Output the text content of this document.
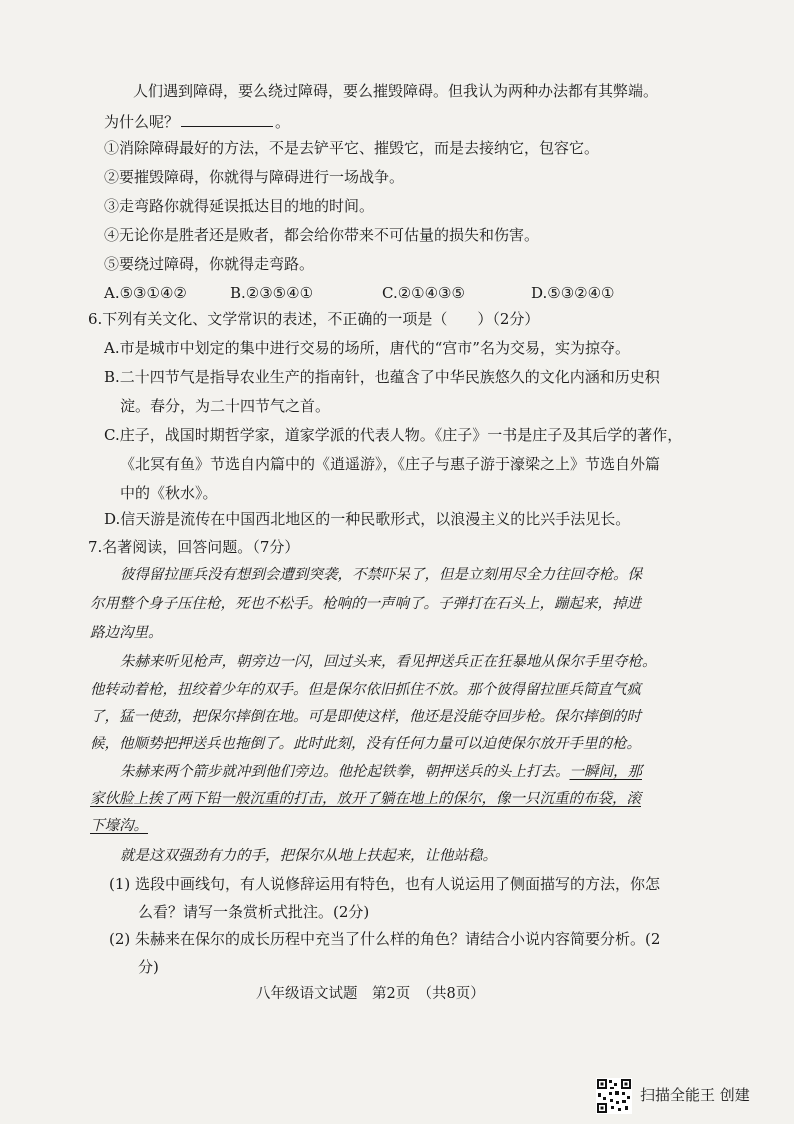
人们遇到障碍，要么绕过障碍，要么摧毁障碍。但我认为两种办法都有其弊端。
为什么呢？	。
①消除障碍最好的方法，不是去铲平它、摧毁它，而是去接纳它，包容它。
②要摧毁障碍，你就得与障碍进行一场战争。
③走弯路你就得延误抵达目的地的时间。
④无论你是胜者还是败者，都会给你带来不可估量的损失和伤害。
⑤要绕过障碍，你就得走弯路。
A.⑤③①④②	B.②③⑤④①	C.②①④③⑤	D.⑤③②④①
6.下列有关文化、文学常识的表述，不正确的一项是（　　）（2分）
A.市是城市中划定的集中进行交易的场所，唐代的“宫市”名为交易，实为掠夺。
B.二十四节气是指导农业生产的指南针，也蕴含了中华民族悠久的文化内涵和历史积
淀。春分，为二十四节气之首。
C.庄子，战国时期哲学家，道家学派的代表人物。《庄子》一书是庄子及其后学的著作，
《北冥有鱼》节选自内篇中的《逍遥游》，《庄子与惠子游于濠梁之上》节选自外篇
中的《秋水》。
D.信天游是流传在中国西北地区的一种民歌形式，以浪漫主义的比兴手法见长。
7.名著阅读，回答问题。（7分）
彼得留拉匪兵没有想到会遭到突袭，不禁吓呆了，但是立刻用尽全力往回夺枪。保
尔用整个身子压住枪，死也不松手。枪响的一声响了。子弹打在石头上，蹦起来，掉进
路边沟里。
朱赫来听见枪声，朝旁边一闪，回过头来，看见押送兵正在狂暴地从保尔手里夺枪。
他转动着枪，扭绞着少年的双手。但是保尔依旧抓住不放。那个彼得留拉匪兵简直气疯
了，猛一使劲，把保尔摔倒在地。可是即使这样，他还是没能夺回步枪。保尔摔倒的时
候，他顺势把押送兵也拖倒了。此时此刻，没有任何力量可以迫使保尔放开手里的枪。
朱赫来两个箭步就冲到他们旁边。他抡起铁拳，朝押送兵的头上打去。一瞬间，那
家伙脸上挨了两下铅一般沉重的打击，放开了躺在地上的保尔，像一只沉重的布袋，滚
下壕沟。
就是这双强劲有力的手，把保尔从地上扶起来，让他站稳。
(1) 选段中画线句，有人说修辞运用有特色，也有人说运用了侧面描写的方法，你怎
么看？请写一条赏析式批注。(2分)
(2) 朱赫来在保尔的成长历程中充当了什么样的角色？请结合小说内容简要分析。(2
分)
八年级语文试题　第2页　（共8页）
扫描全能王 创建
